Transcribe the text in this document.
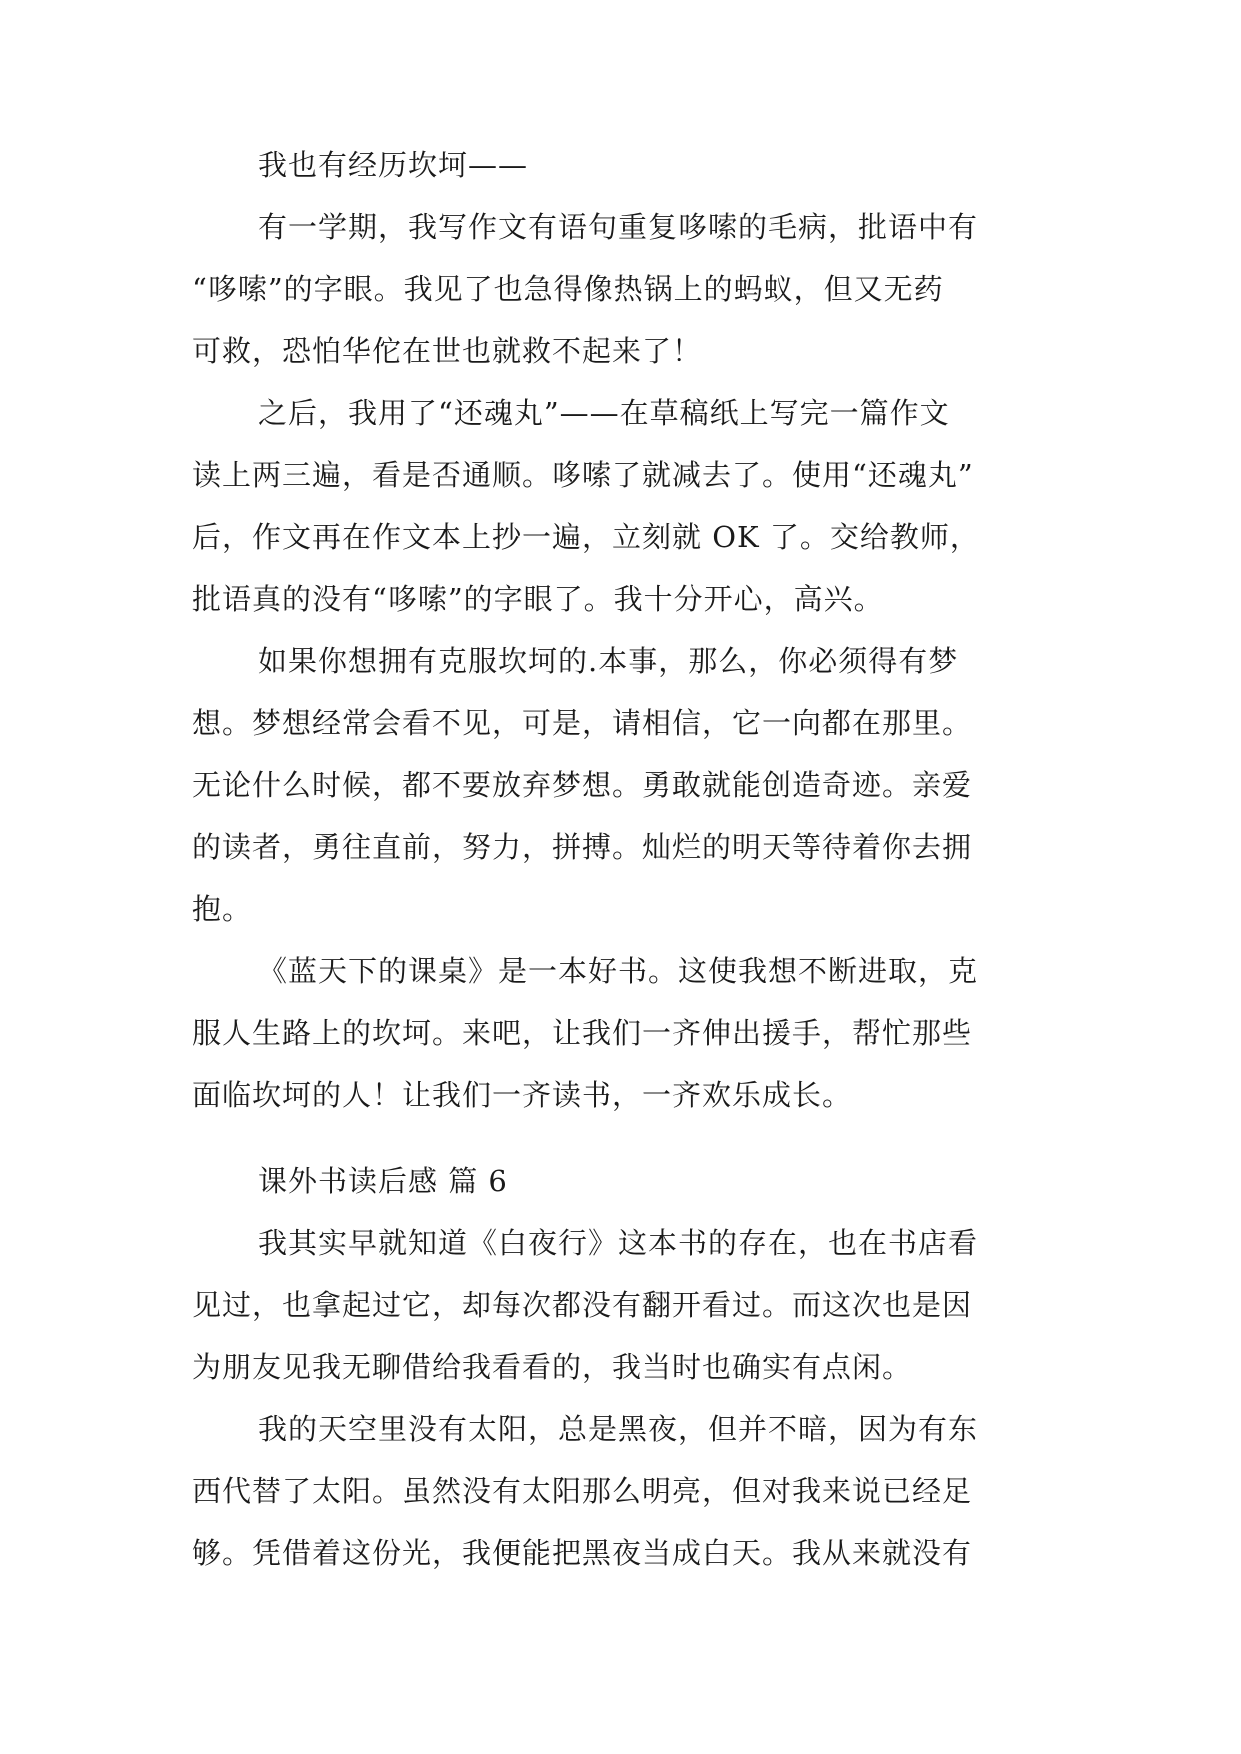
我也有经历坎坷——
有一学期，我写作文有语句重复哆嗦的毛病，批语中有
“哆嗦”的字眼。我见了也急得像热锅上的蚂蚁，但又无药
可救，恐怕华佗在世也就救不起来了！
之后，我用了“还魂丸”——在草稿纸上写完一篇作文
读上两三遍，看是否通顺。哆嗦了就减去了。使用“还魂丸”
后，作文再在作文本上抄一遍，立刻就 OK 了。交给教师，
批语真的没有“哆嗦”的字眼了。我十分开心，高兴。
如果你想拥有克服坎坷的.本事，那么，你必须得有梦
想。梦想经常会看不见，可是，请相信，它一向都在那里。
无论什么时候，都不要放弃梦想。勇敢就能创造奇迹。亲爱
的读者，勇往直前，努力，拼搏。灿烂的明天等待着你去拥
抱。
《蓝天下的课桌》是一本好书。这使我想不断进取，克
服人生路上的坎坷。来吧，让我们一齐伸出援手，帮忙那些
面临坎坷的人！让我们一齐读书，一齐欢乐成长。
课外书读后感 篇 6
我其实早就知道《白夜行》这本书的存在，也在书店看
见过，也拿起过它，却每次都没有翻开看过。而这次也是因
为朋友见我无聊借给我看看的，我当时也确实有点闲。
我的天空里没有太阳，总是黑夜，但并不暗，因为有东
西代替了太阳。虽然没有太阳那么明亮，但对我来说已经足
够。凭借着这份光，我便能把黑夜当成白天。我从来就没有
